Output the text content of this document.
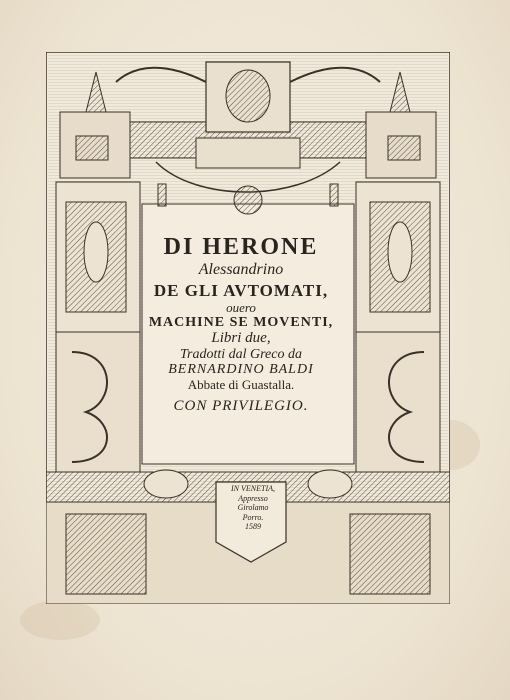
IN VENETIA,
Appresso
Girolamo
Porro.
1589
DI HERONE
Alessandrino
DE GLI AVTOMATI,
ouero
MACHINE SE MOVENTI,
Libri due,
Tradotti dal Greco da
BERNARDINO BALDI
Abbate di Guastalla.
CON PRIVILEGIO.
